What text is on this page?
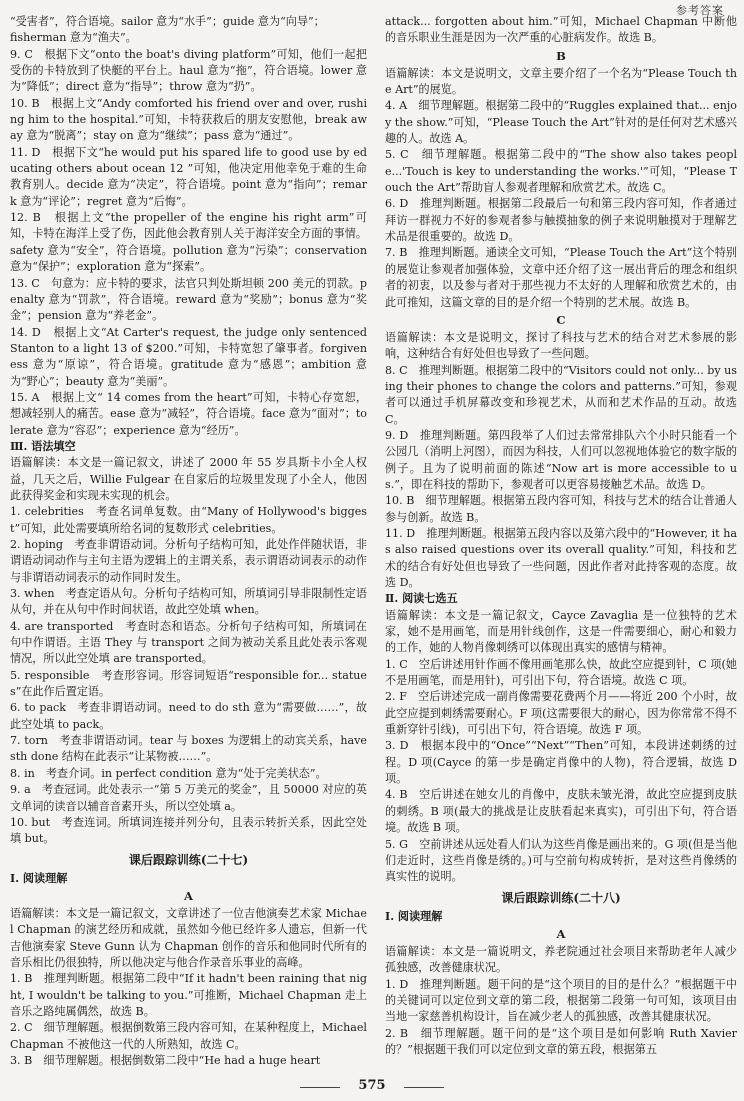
参考答案

“受害者”，符合语境。sailor 意为“水手”；guide 意为“向导”；

fisherman 意为“渔夫”。

9. C　根据下文“onto the boat's diving platform”可知，他们一起把受伤的卡特放到了快艇的平台上。haul 意为“拖”，符合语境。lower 意为“降低”；direct 意为“指导”；throw 意为“扔”。

10. B　根据上文“Andy comforted his friend over and over, rushing him to the hospital.”可知，卡特获救后的朋友安慰他，break away 意为“脱离”；stay on 意为“继续”；pass 意为“通过”。

11. D　根据下文“he would put his spared life to good use by educating others about ocean 12 ”可知，他决定用他幸免于难的生命教育别人。decide 意为“决定”，符合语境。point 意为“指向”；remark 意为“评论”；regret 意为“后悔”。

12. B　根据上文“the propeller of the engine his right arm”可知，卡特在海洋上受了伤，因此他会教育别人关于海洋安全方面的事情。safety 意为“安全”，符合语境。pollution 意为“污染”；conservation 意为“保护”；exploration 意为“探索”。

13. C　句意为：应卡特的要求，法官只判处斯坦顿 200 美元的罚款。penalty 意为“罚款”，符合语境。reward 意为“奖励”；bonus 意为“奖金”；pension 意为“养老金”。

14. D　根据上文“At Carter's request, the judge only sentenced Stanton to a light 13 of $200.”可知，卡特宽恕了肇事者。forgiveness 意为“原谅”，符合语境。gratitude 意为“感恩”；ambition 意为“野心”；beauty 意为“美丽”。

15. A　根据上文“ 14 comes from the heart”可知，卡特心存宽恕，想减轻别人的痛苦。ease 意为“减轻”，符合语境。face 意为“面对”；tolerate 意为“容忍”；experience 意为“经历”。

Ⅲ. 语法填空

语篇解读：本文是一篇记叙文，讲述了 2000 年 55 岁具斯卡小全人权益，几天之后，Willie Fulgear 在自家后的垃圾里发现了小全人，他因此获得奖金和实现未实现的机会。

1. celebrities　考查名词单复数。由“Many of Hollywood's biggest”可知，此处需要填所给名词的复数形式 celebrities。

2. hoping　考查非谓语动词。分析句子结构可知，此处作伴随状语，非谓语动词动作与主句主语为逻辑上的主谓关系，表示谓语动词表示的动作与非谓语动词表示的动作同时发生。

3. when　考查定语从句。分析句子结构可知，所填词引导非限制性定语从句，并在从句中作时间状语，故此空处填 when。

4. are transported　考查时态和语态。分析句子结构可知，所填词在句中作谓语。主语 They 与 transport 之间为被动关系且此处表示客观情况，所以此空处填 are transported。

5. responsible　考查形容词。形容词短语“responsible for... statues”在此作后置定语。

6. to pack　考查非谓语动词。need to do sth 意为“需要做……”，故此空处填 to pack。

7. torn　考查非谓语动词。tear 与 boxes 为逻辑上的动宾关系，have sth done 结构在此表示“让某物被……”。

8. in　考查介词。in perfect condition 意为“处于完美状态”。

9. a　考查冠词。此处表示一“第 5 万美元的奖金”，且 50000 对应的英文单词的读音以辅音音素开头，所以空处填 a。

10. but　考查连词。所填词连接并列分句，且表示转折关系，因此空处填 but。

课后跟踪训练(二十七)

Ⅰ. 阅读理解

A

语篇解读：本文是一篇记叙文，文章讲述了一位吉他演奏艺术家 Michael Chapman 的演艺经历和成就，虽然如今他已经许多人遗忘，但新一代吉他演奏家 Steve Gunn 认为 Chapman 创作的音乐和他同时代所有的音乐相比仍很独特，所以他决定与他合作录音乐事业的高峰。

1. B　推理判断题。根据第二段中“If it hadn't been raining that night, I wouldn't be talking to you.”可推断，Michael Chapman 走上音乐之路纯属偶然，故选 B。

2. C　细节理解题。根据倒数第三段内容可知，在某种程度上，Michael Chapman 不被他这一代的人所熟知，故选 C。

3. B　细节理解题。根据倒数第二段中“He had a huge heart

attack... forgotten about him.”可知，Michael Chapman 中断他的音乐职业生涯是因为一次严重的心脏病发作。故选 B。

B

语篇解读：本文是说明文，文章主要介绍了一个名为“Please Touch the Art”的展览。

4. A　细节理解题。根据第二段中的“Ruggles explained that... enjoy the show.”可知，“Please Touch the Art”针对的是任何对艺术感兴趣的人。故选 A。

5. C　细节理解题。根据第二段中的“The show also takes people...'Touch is key to understanding the works.'”可知，“Please Touch the Art”帮助盲人参观者理解和欣赏艺术。故选 C。

6. D　推理判断题。根据第二段最后一句和第三段内容可知，作者通过拜访一群视力不好的参观者参与触摸抽象的例子来说明触摸对于理解艺术品是很重要的。故选 D。

7. B　推理判断题。通读全文可知，“Please Touch the Art”这个特别的展览让参观者加强体验，文章中还介绍了这一展出背后的理念和组织者的初衷，以及参与者对于那些视力不太好的人理解和欣赏艺术的，由此可推知，这篇文章的目的是介绍一个特别的艺术展。故选 B。

C

语篇解读：本文是说明文，探讨了科技与艺术的结合对艺术参展的影响，这种结合有好处但也导致了一些问题。

8. C　推理判断题。根据第二段中的“Visitors could not only... by using their phones to change the colors and patterns.”可知，参观者可以通过手机屏幕改变和珍视艺术，从而和艺术作品的互动。故选 C。

9. D　推理判断题。第四段举了人们过去常常排队六个小时只能看一个公园几（消明上河图），而因为科技，人们可以忽视地体验它的数字版的例子。且为了说明前面的陈述“Now art is more accessible to us.”，即在科技的帮助下，参观者可以更容易接触艺术品。故选 D。

10. B　细节理解题。根据第五段内容可知，科技与艺术的结合让普通人参与创新。故选 B。

11. D　推理判断题。根据第五段内容以及第六段中的“However, it has also raised questions over its overall quality.”可知，科技和艺术的结合有好处但也导致了一些问题，因此作者对此持客观的态度。故选 D。

Ⅱ. 阅读七选五

语篇解读：本文是一篇记叙文，Cayce Zavaglia 是一位独特的艺术家，她不是用画笔，而是用针线创作，这是一件需要细心，耐心和毅力的工作，她的人物肖像刺绣可以体现出真实的感情与精神。

1. C　空后讲述用针作画不像用画笔那么快，故此空应提到针，C 项(她不是用画笔，而是用针)，可引出下句，符合语境。故选 C 项。

2. F　空后讲述完成一副肖像需要花费两个月——将近 200 个小时，故此空应提到刺绣需要耐心。F 项(这需要很大的耐心，因为你常常不得不重新穿针引线)，可引出下句，符合语境。故选 F 项。

3. D　根据本段中的“Once”“Next”“Then”可知，本段讲述刺绣的过程。D 项(Cayce 的第一步是确定肖像中的人物)，符合逻辑，故选 D 项。

4. B　空后讲述在她女儿的肖像中，皮肤未皱光滑，故此空应提到皮肤的刺绣。B 项(最大的挑战是让皮肤看起来真实)，可引出下句，符合语境。故选 B 项。

5. G　空前讲述从远处看人们认为这些肖像是画出来的。G 项(但是当他们走近时，这些肖像是绣的。)可与空前句构成转折，是对这些肖像绣的真实性的说明。

课后跟踪训练(二十八)

Ⅰ. 阅读理解

A

语篇解读：本文是一篇说明文，养老院通过社会项目来帮助老年人减少孤独感，改善健康状况。

1. D　推理判断题。题干问的是“这个项目的目的是什么？”根据题干中的关键词可以定位到文章的第二段，根据第二段第一句可知，该项目由当地一家慈善机构设计，旨在减少老人的孤独感，改善其健康状况。

2. B　细节理解题。题干问的是“这个项目是如何影响 Ruth Xavier 的？”根据题干我们可以定位到文章的第五段，根据第五

575
